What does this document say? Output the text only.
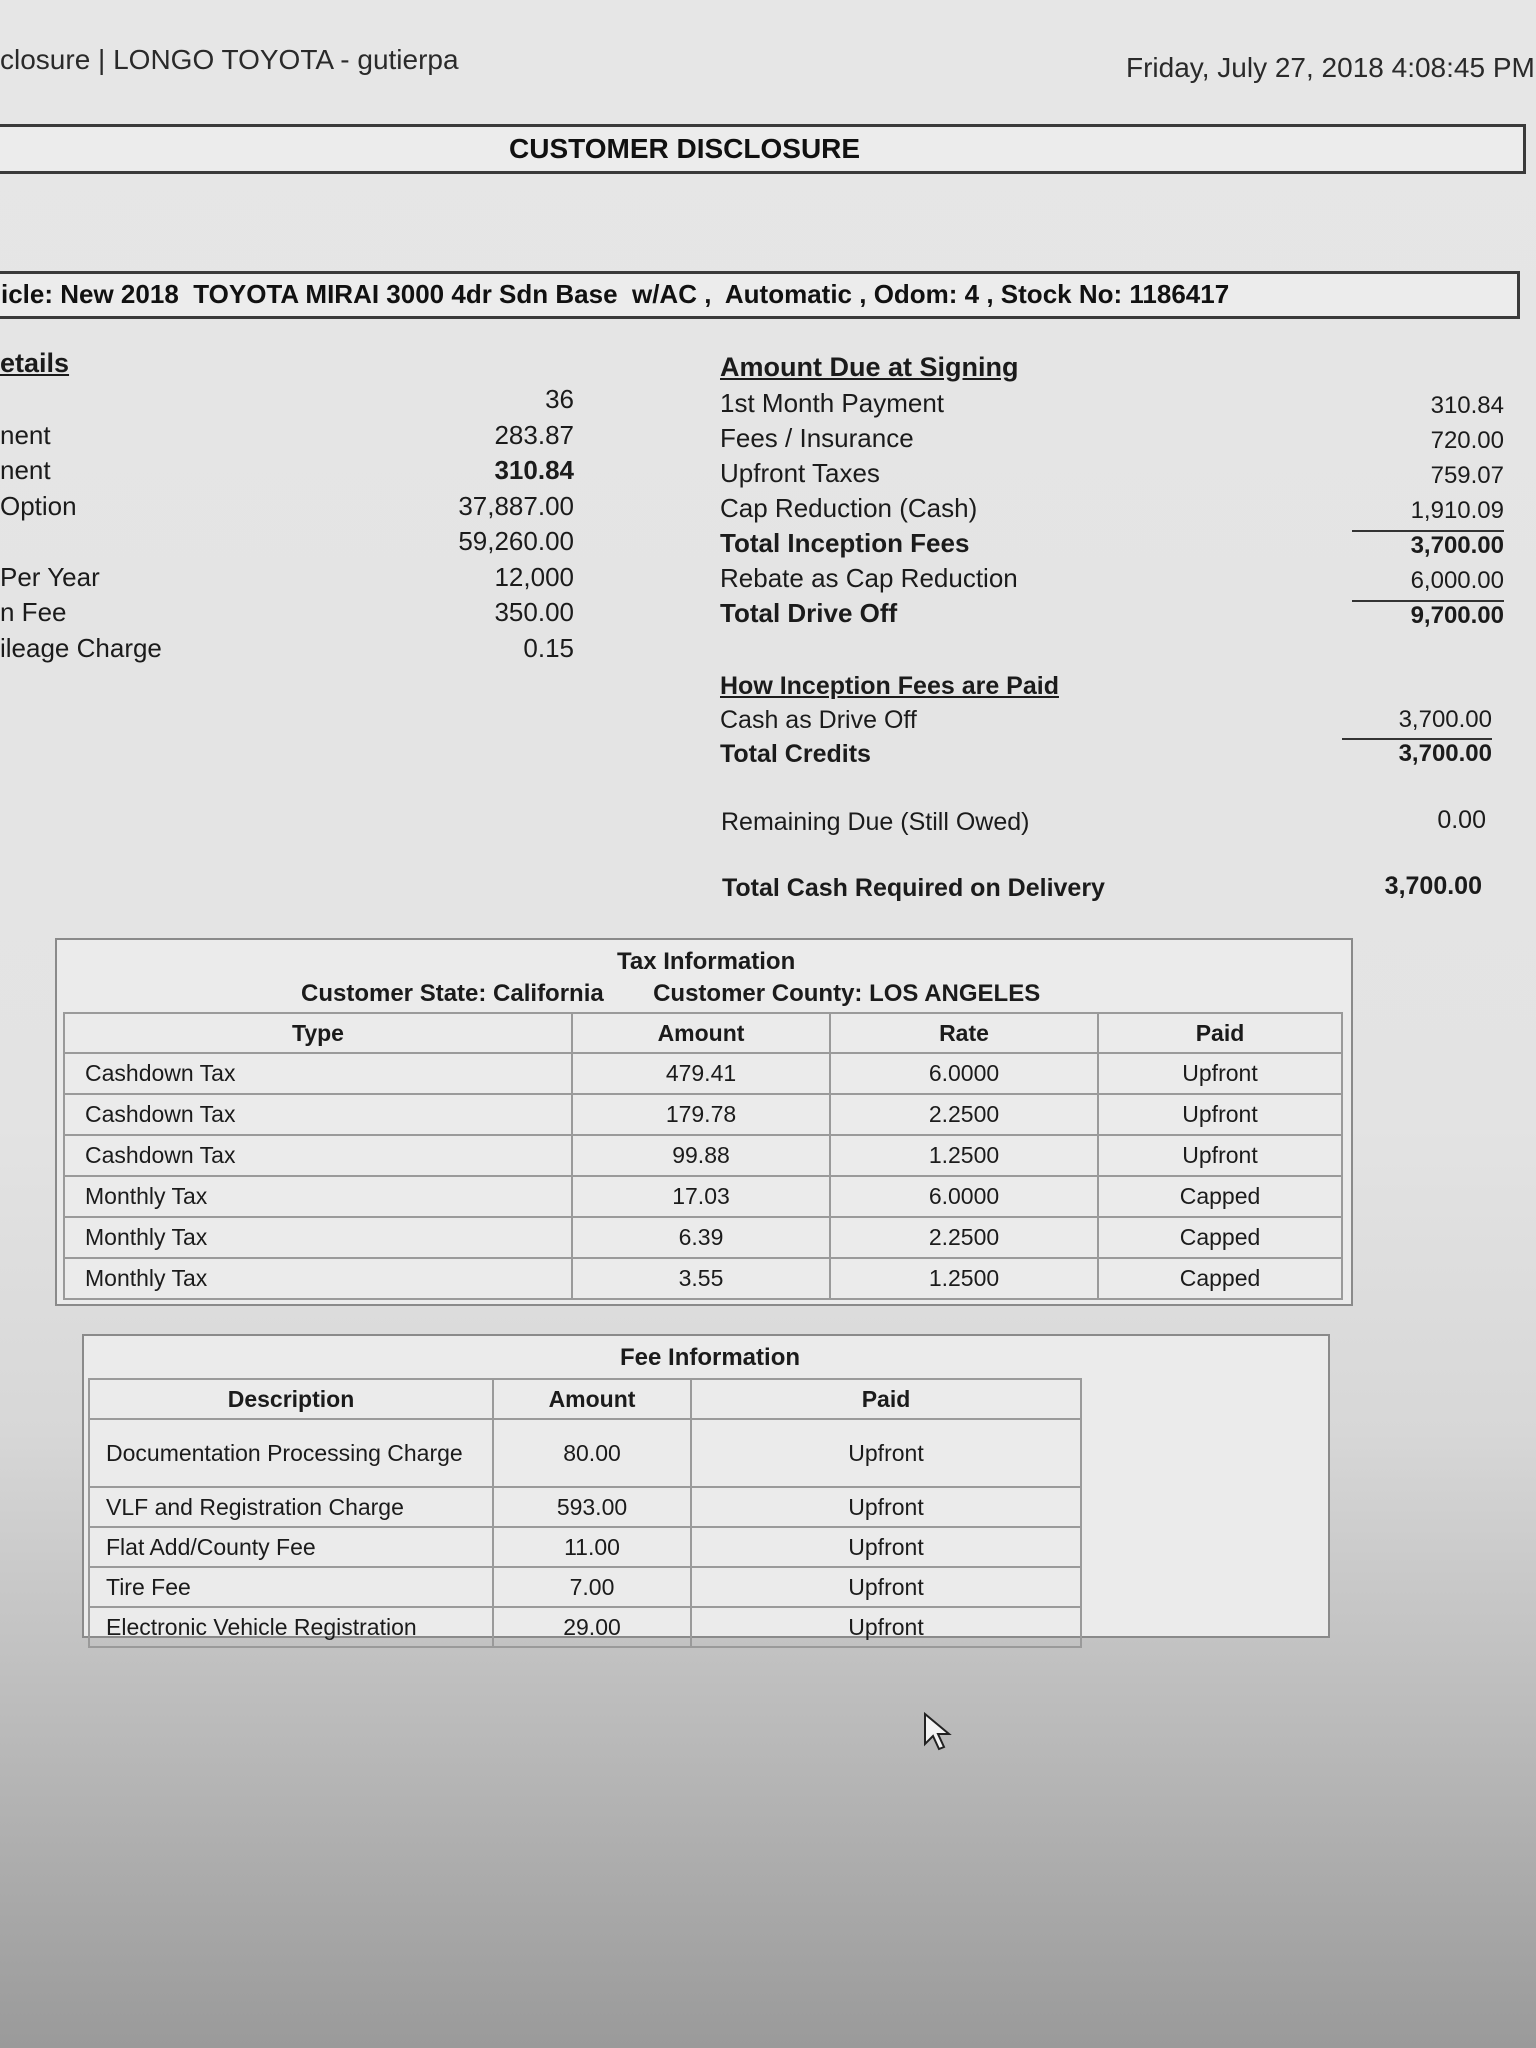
closure | LONGO TOYOTA - gutierpa	Friday, July 27, 2018 4:08:45 PM
CUSTOMER DISCLOSURE
icle: New 2018  TOYOTA MIRAI 3000 4dr Sdn Base  w/AC ,  Automatic , Odom: 4 , Stock No: 1186417
etails
36
nent	283.87
nent	310.84
Option	37,887.00
59,260.00
Per Year	12,000
n Fee	350.00
ileage Charge	0.15
Amount Due at Signing
1st Month Payment	310.84
Fees / Insurance	720.00
Upfront Taxes	759.07
Cap Reduction (Cash)	1,910.09
Total Inception Fees	3,700.00
Rebate as Cap Reduction	6,000.00
Total Drive Off	9,700.00
How Inception Fees are Paid
Cash as Drive Off	3,700.00
Total Credits	3,700.00
Remaining Due (Still Owed)	0.00
Total Cash Required on Delivery	3,700.00
Tax Information
Customer State: California Customer County: LOS ANGELES
Type	Amount	Rate	Paid
Cashdown Tax	479.41	6.0000	Upfront
Cashdown Tax	179.78	2.2500	Upfront
Cashdown Tax	99.88	1.2500	Upfront
Monthly Tax	17.03	6.0000	Capped
Monthly Tax	6.39	2.2500	Capped
Monthly Tax	3.55	1.2500	Capped
Fee Information
Description	Amount	Paid
Documentation Processing Charge	80.00	Upfront
VLF and Registration Charge	593.00	Upfront
Flat Add/County Fee	11.00	Upfront
Tire Fee	7.00	Upfront
Electronic Vehicle Registration	29.00	Upfront
